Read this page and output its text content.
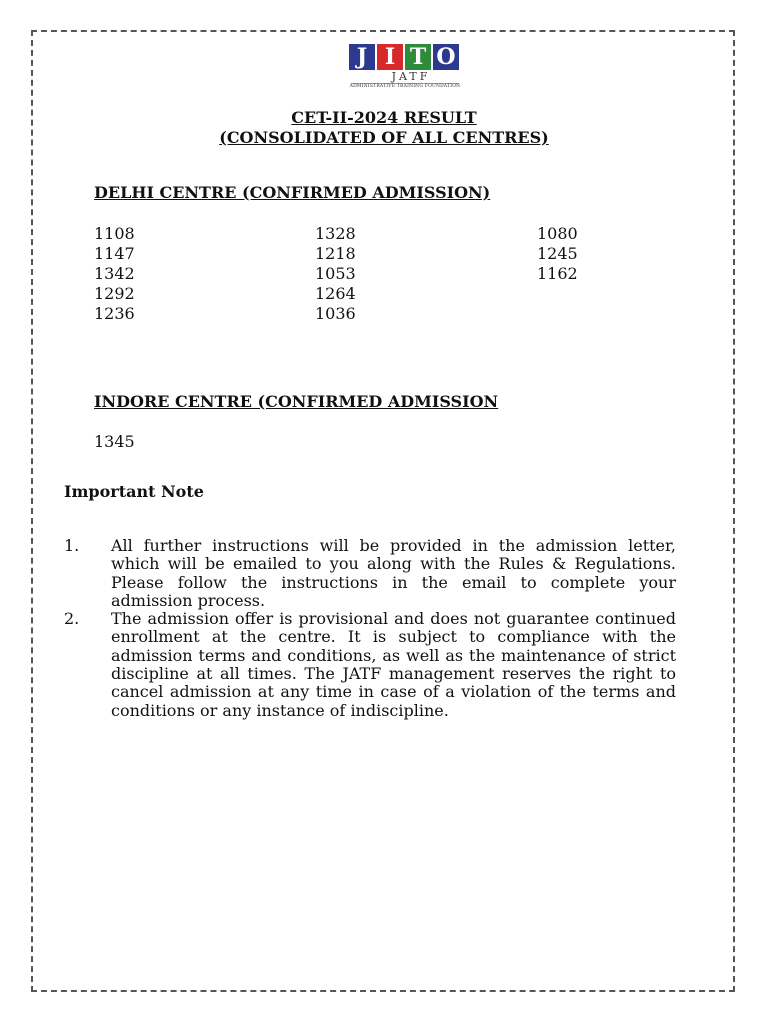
J I T O
JATF
ADMINISTRATIVE TRAINING FOUNDATION
CET-II-2024 RESULT
(CONSOLIDATED OF ALL CENTRES)
DELHI CENTRE (CONFIRMED ADMISSION)
1108
1147
1342
1292
1236
1328
1218
1053
1264
1036
1080
1245
1162
INDORE CENTRE (CONFIRMED ADMISSION
1345
Important Note
1.	All further instructions will be provided in the admission letter, which will be emailed to you along with the Rules & Regulations. Please follow the instructions in the email to complete your admission process.
2.	The admission offer is provisional and does not guarantee continued enrollment at the centre. It is subject to compliance with the admission terms and conditions, as well as the maintenance of strict discipline at all times. The JATF management reserves the right to cancel admission at any time in case of a violation of the terms and conditions or any instance of indiscipline.
